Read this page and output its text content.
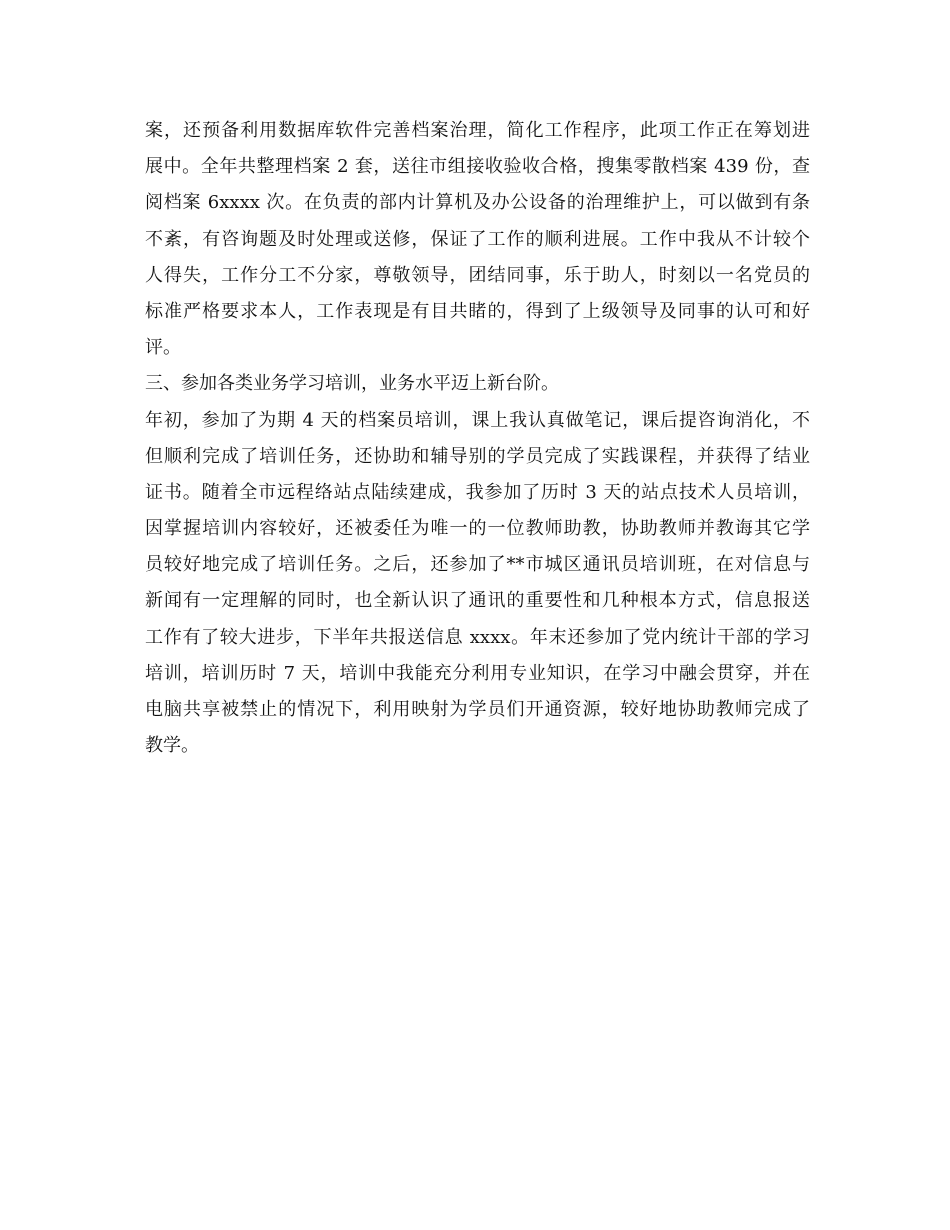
案，还预备利用数据库软件完善档案治理，简化工作程序，此项工作正在筹划进
展中。全年共整理档案 2 套，送往市组接收验收合格，搜集零散档案 439 份，查
阅档案 6xxxx 次。在负责的部内计算机及办公设备的治理维护上，可以做到有条
不紊，有咨询题及时处理或送修，保证了工作的顺利进展。工作中我从不计较个
人得失，工作分工不分家，尊敬领导，团结同事，乐于助人，时刻以一名党员的
标准严格要求本人，工作表现是有目共睹的，得到了上级领导及同事的认可和好
评。
三、参加各类业务学习培训，业务水平迈上新台阶。
年初，参加了为期 4 天的档案员培训，课上我认真做笔记，课后提咨询消化，不
但顺利完成了培训任务，还协助和辅导别的学员完成了实践课程，并获得了结业
证书。随着全市远程络站点陆续建成，我参加了历时 3 天的站点技术人员培训，
因掌握培训内容较好，还被委任为唯一的一位教师助教，协助教师并教诲其它学
员较好地完成了培训任务。之后，还参加了**市城区通讯员培训班，在对信息与
新闻有一定理解的同时，也全新认识了通讯的重要性和几种根本方式，信息报送
工作有了较大进步，下半年共报送信息 xxxx。年末还参加了党内统计干部的学习
培训，培训历时 7 天，培训中我能充分利用专业知识，在学习中融会贯穿，并在
电脑共享被禁止的情况下，利用映射为学员们开通资源，较好地协助教师完成了
教学。
